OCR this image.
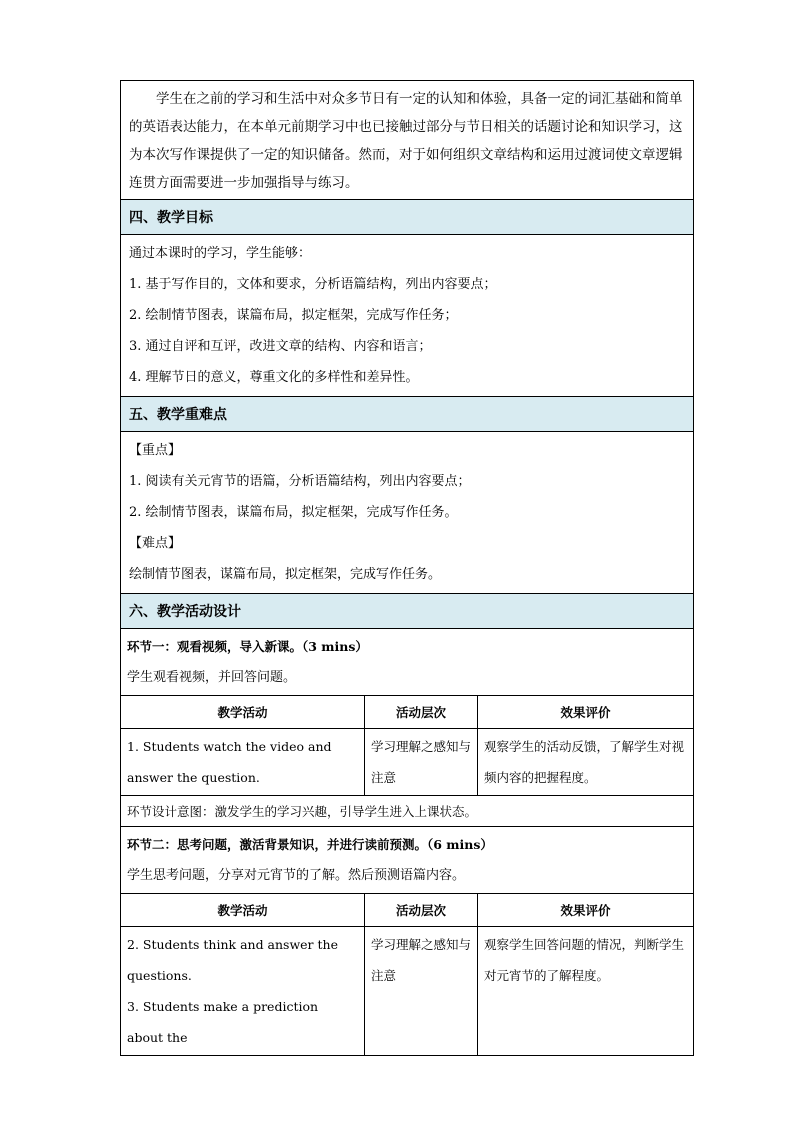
学生在之前的学习和生活中对众多节日有一定的认知和体验，具备一定的词汇基础和简单的英语表达能力，在本单元前期学习中也已接触过部分与节日相关的话题讨论和知识学习，这为本次写作课提供了一定的知识储备。然而，对于如何组织文章结构和运用过渡词使文章逻辑连贯方面需要进一步加强指导与练习。		

四、教学目标		

通过本课时的学习，学生能够：

1. 基于写作目的，文体和要求，分析语篇结构，列出内容要点；

2. 绘制情节图表，谋篇布局，拟定框架，完成写作任务；

3. 通过自评和互评，改进文章的结构、内容和语言；

4. 理解节日的意义，尊重文化的多样性和差异性。		

五、教学重难点		

【重点】

1. 阅读有关元宵节的语篇，分析语篇结构，列出内容要点；

2. 绘制情节图表，谋篇布局，拟定框架，完成写作任务。

【难点】

绘制情节图表，谋篇布局，拟定框架，完成写作任务。		

六、教学活动设计		

环节一：观看视频，导入新课。（3 mins）

学生观看视频，并回答问题。		

教学活动	活动层次	效果评价

1. Students watch the video and answer the question.	学习理解之感知与注意	观察学生的活动反馈，了解学生对视频内容的把握程度。

环节设计意图：激发学生的学习兴趣，引导学生进入上课状态。		

环节二：思考问题，激活背景知识，并进行读前预测。（6 mins）

学生思考问题，分享对元宵节的了解。然后预测语篇内容。		

教学活动	活动层次	效果评价

2. Students think and answer the questions.

3. Students make a prediction about the	学习理解之感知与注意	观察学生回答问题的情况，判断学生对元宵节的了解程度。
